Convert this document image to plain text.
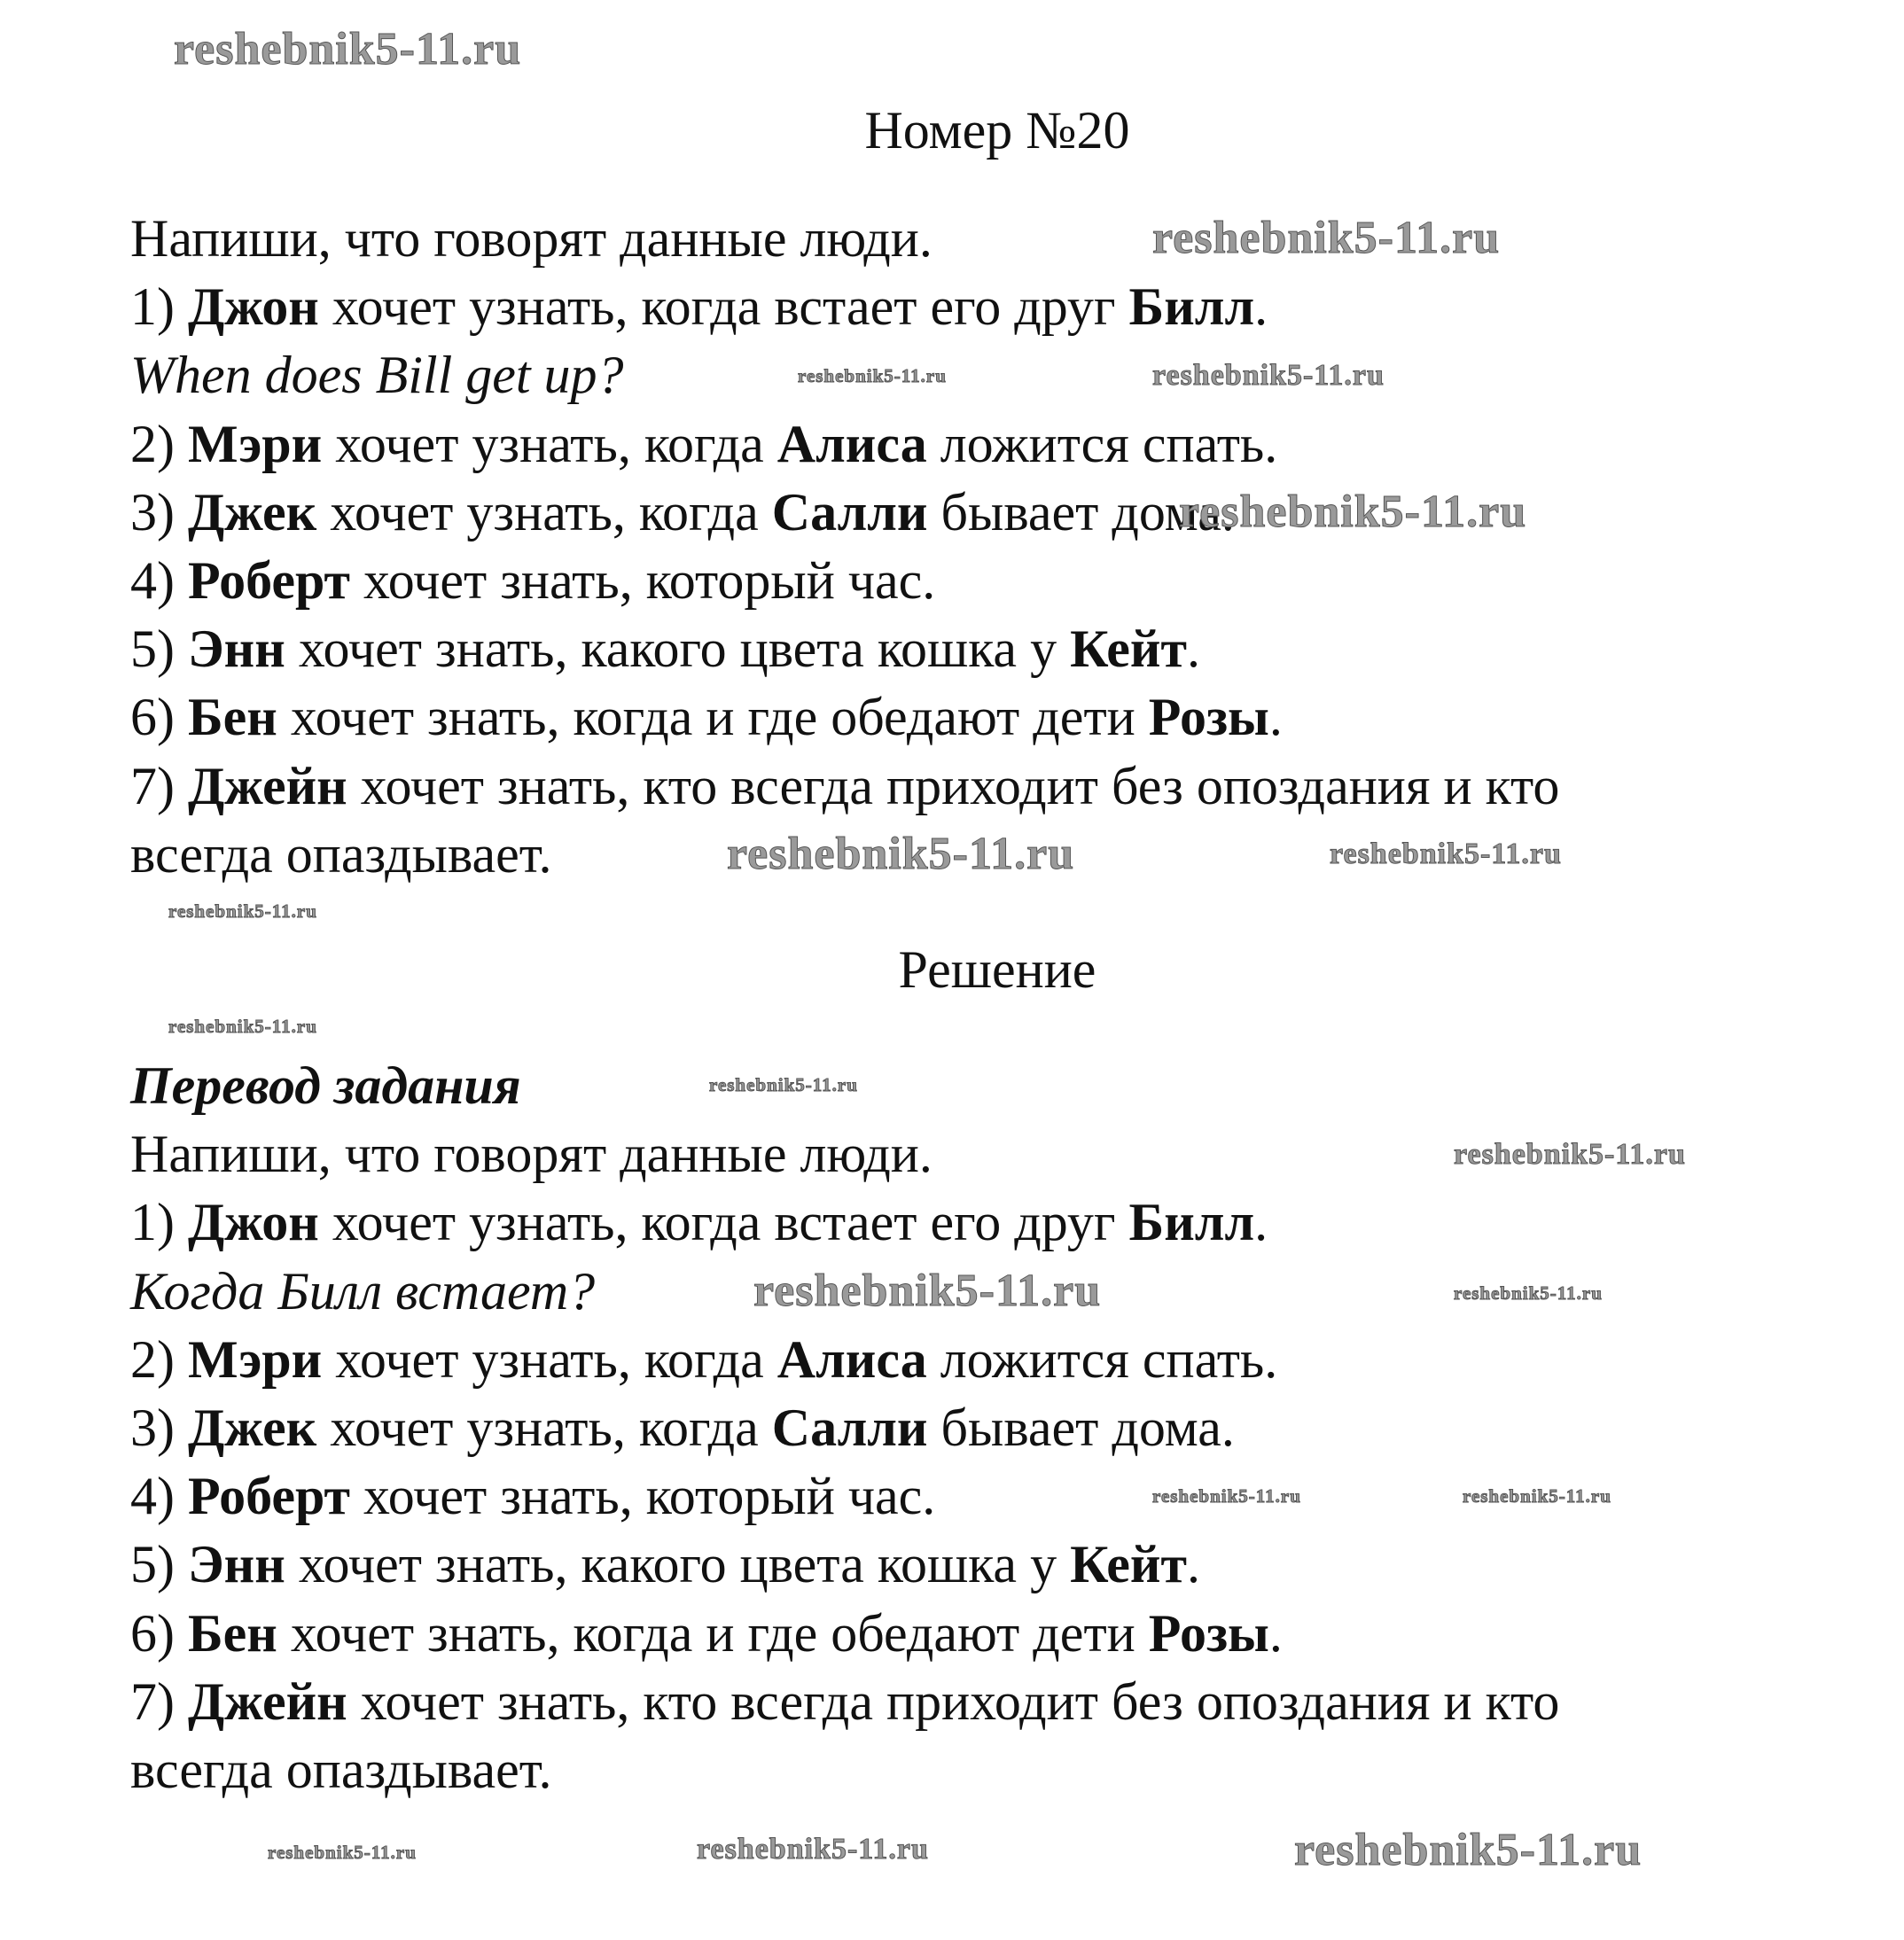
Номер №20
Напиши, что говорят данные люди.
1) Джон хочет узнать, когда встает его друг Билл.
When does Bill get up?
2) Мэри хочет узнать, когда Алиса ложится спать.
3) Джек хочет узнать, когда Салли бывает дома.
4) Роберт хочет знать, который час.
5) Энн хочет знать, какого цвета кошка у Кейт.
6) Бен хочет знать, когда и где обедают дети Розы.
7) Джейн хочет знать, кто всегда приходит без опоздания и кто
всегда опаздывает.
Решение
Перевод задания
Напиши, что говорят данные люди.
1) Джон хочет узнать, когда встает его друг Билл.
Когда Билл встает?
2) Мэри хочет узнать, когда Алиса ложится спать.
3) Джек хочет узнать, когда Салли бывает дома.
4) Роберт хочет знать, который час.
5) Энн хочет знать, какого цвета кошка у Кейт.
6) Бен хочет знать, когда и где обедают дети Розы.
7) Джейн хочет знать, кто всегда приходит без опоздания и кто
всегда опаздывает.
reshebnik5-11.ru
reshebnik5-11.ru
reshebnik5-11.ru	reshebnik5-11.ru
reshebnik5-11.ru
reshebnik5-11.ru	reshebnik5-11.ru
reshebnik5-11.ru
reshebnik5-11.ru
reshebnik5-11.ru
reshebnik5-11.ru
reshebnik5-11.ru	reshebnik5-11.ru
reshebnik5-11.ru	reshebnik5-11.ru
reshebnik5-11.ru	reshebnik5-11.ru	reshebnik5-11.ru
